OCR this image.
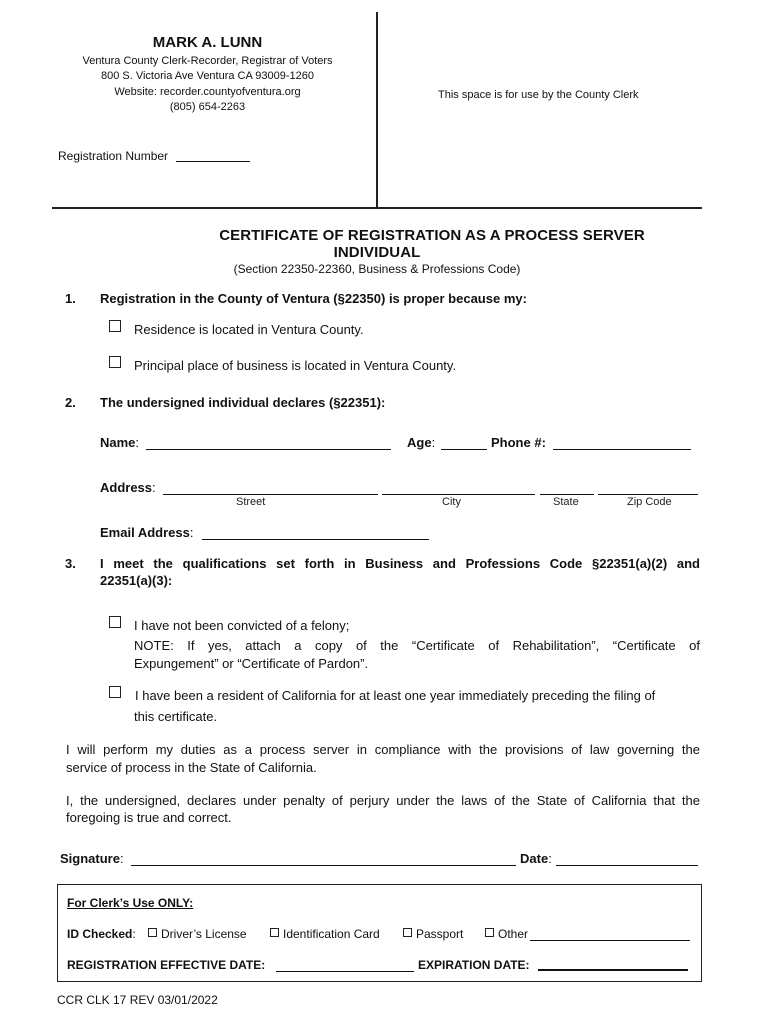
MARK A. LUNN
Ventura County Clerk-Recorder, Registrar of Voters
800 S. Victoria Ave Ventura CA 93009-1260
Website: recorder.countyofventura.org
(805) 654-2263
Registration Number
This space is for use by the County Clerk
CERTIFICATE OF REGISTRATION AS A PROCESS SERVER
INDIVIDUAL
(Section 22350-22360, Business & Professions Code)
1. Registration in the County of Ventura (§22350) is proper because my:
Residence is located in Ventura County.
Principal place of business is located in Ventura County.
2. The undersigned individual declares (§22351):
Name:	Age:	Phone #:
Address:
Street	City	State	Zip Code
Email Address:
3. I meet the qualifications set forth in Business and Professions Code §22351(a)(2) and
22351(a)(3):
I have not been convicted of a felony;
NOTE: If yes, attach a copy of the “Certificate of Rehabilitation”, “Certificate of
Expungement” or “Certificate of Pardon”.
I have been a resident of California for at least one year immediately preceding the filing of
this certificate.
I will perform my duties as a process server in compliance with the provisions of law governing the
service of process in the State of California.
I, the undersigned, declares under penalty of perjury under the laws of the State of California that the
foregoing is true and correct.
Signature:	Date:
For Clerk’s Use ONLY:
ID Checked:	Driver’s License	Identification Card	Passport	Other
REGISTRATION EFFECTIVE DATE:	EXPIRATION DATE:
CCR CLK 17 REV 03/01/2022
